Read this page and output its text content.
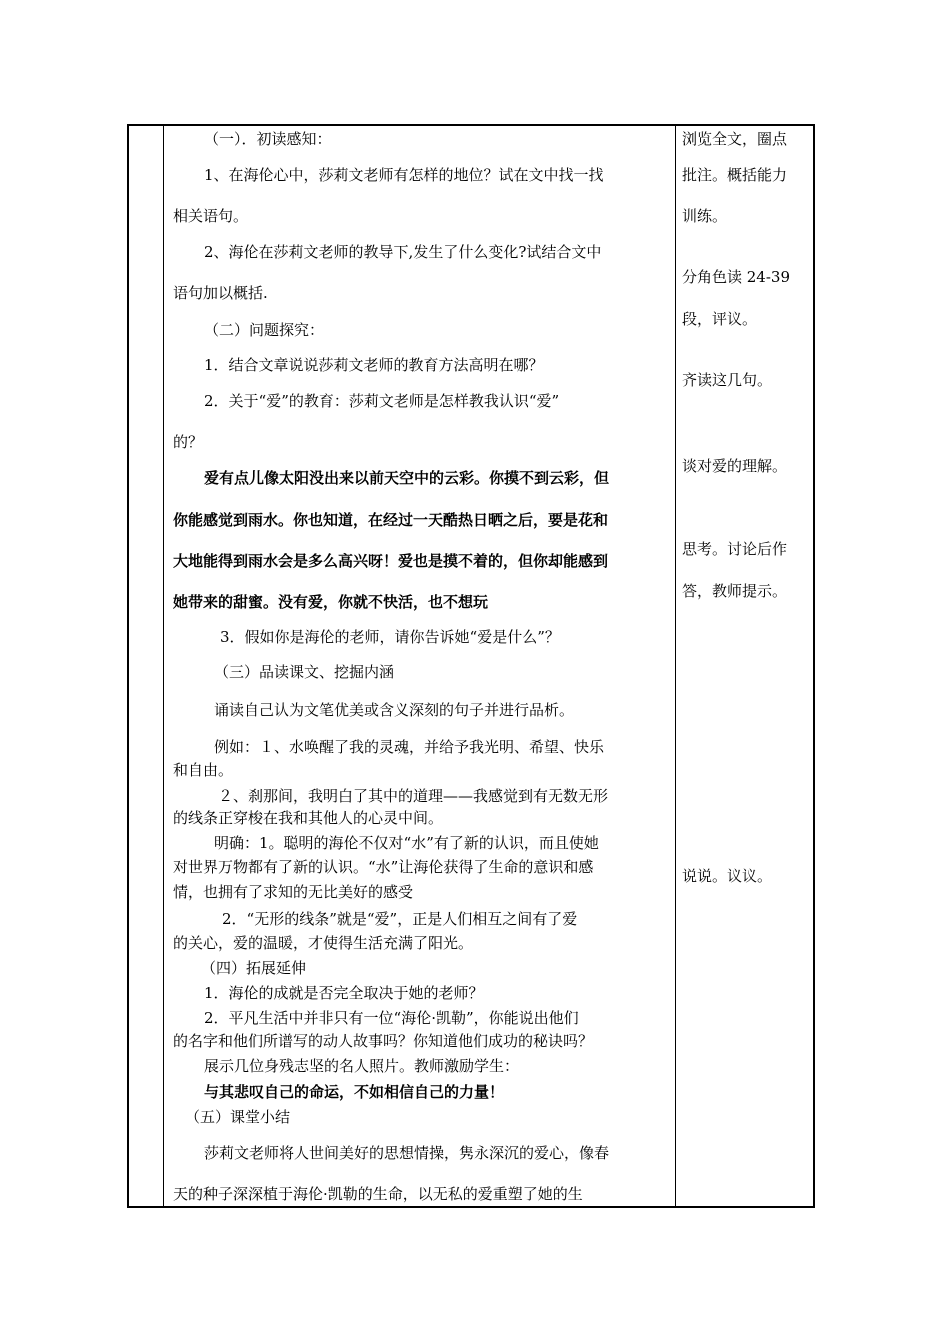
（一）．初读感知：
1、在海伦心中，莎莉文老师有怎样的地位？试在文中找一找
相关语句。
2、海伦在莎莉文老师的教导下,发生了什么变化?试结合文中
语句加以概括.
（二）问题探究：
1．结合文章说说莎莉文老师的教育方法高明在哪？
2．关于“爱”的教育：莎莉文老师是怎样教我认识“爱”
的？
爱有点儿像太阳没出来以前天空中的云彩。你摸不到云彩，但
你能感觉到雨水。你也知道，在经过一天酷热日晒之后，要是花和
大地能得到雨水会是多么高兴呀！爱也是摸不着的，但你却能感到
她带来的甜蜜。没有爱，你就不快活，也不想玩
3．假如你是海伦的老师，请你告诉她“爱是什么”？
（三）品读课文、挖掘内涵
诵读自己认为文笔优美或含义深刻的句子并进行品析。
例如：１、水唤醒了我的灵魂，并给予我光明、希望、快乐
和自由。
２、刹那间，我明白了其中的道理——我感觉到有无数无形
的线条正穿梭在我和其他人的心灵中间。
明确：1。聪明的海伦不仅对“水”有了新的认识，而且使她
对世界万物都有了新的认识。“水”让海伦获得了生命的意识和感
情，也拥有了求知的无比美好的感受
2．“无形的线条”就是“爱”，正是人们相互之间有了爱
的关心，爱的温暖，才使得生活充满了阳光。
（四）拓展延伸
1．海伦的成就是否完全取决于她的老师？
2．平凡生活中并非只有一位“海伦·凯勒”，你能说出他们
的名字和他们所谱写的动人故事吗？你知道他们成功的秘诀吗？
展示几位身残志坚的名人照片。教师激励学生：
与其悲叹自己的命运，不如相信自己的力量！
（五）课堂小结
莎莉文老师将人世间美好的思想情操，隽永深沉的爱心，像春
天的种子深深植于海伦·凯勒的生命，以无私的爱重塑了她的生
浏览全文，圈点
批注。概括能力
训练。
分角色读 24-39
段，评议。
齐读这几句。
谈对爱的理解。
思考。讨论后作
答，教师提示。
说说。议议。
